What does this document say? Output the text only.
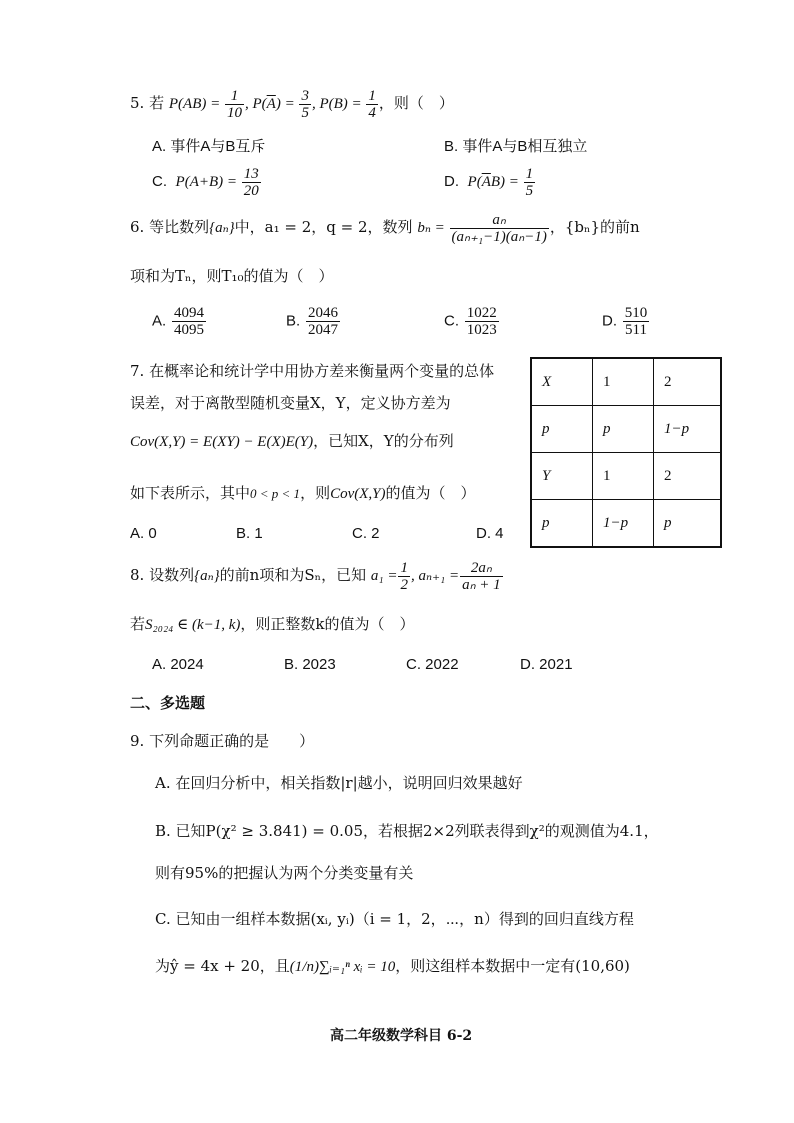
5. 若 $P(AB) = \frac{1}{10}$ , $P(\overline{A}) = \frac{3}{5}$ , $P(B) = \frac{1}{4}$ ，则（　）
A. 事件A与B互斥	B. 事件A与B相互独立
C.  $P(A+B) = \frac{13}{20}$	D.  $P(\overline{A}B) = \frac{1}{5}$
6. 等比数列{aₙ}中，a₁ = 2，q = 2，数列 $b_n = \frac{\text{aₙ}}{\text{(aₙ₊₁−1)(aₙ−1)}}$ ，{bₙ}的前n
项和为Tₙ，则T₁₀的值为（　）
A. $\frac{4094}{4095}$	B. $\frac{2046}{2047}$	C. $\frac{1022}{1023}$	D. $\frac{510}{511}$
7. 在概率论和统计学中用协方差来衡量两个变量的总体
误差，对于离散型随机变量X，Y，定义协方差为
Cov(X,Y) = E(XY) − E(X)E(Y)，已知X，Y的分布列
如下表所示，其中0 < p < 1，则Cov(X,Y)的值为（　）
X	1	2
p	p	1−p
Y	1	2
p	1−p	p
A. 0	B. 1	C. 2	D. 4
8. 设数列{aₙ}的前n项和为Sₙ，已知 $a_1 = \frac{1}{2}$ , $a_{n+1} = \frac{\text{2aₙ}}{\text{aₙ + 1}}$
若S₂₀₂₄ ∈ (k−1, k)，则正整数k的值为（　）
A. 2024	B. 2023	C. 2022	D. 2021
二、多选题
9. 下列命题正确的是　　）
A. 在回归分析中，相关指数|r|越小，说明回归效果越好
B. 已知P(χ² ≥ 3.841) = 0.05，若根据2×2列联表得到χ²的观测值为4.1，
则有95%的把握认为两个分类变量有关
C. 已知由一组样本数据(xᵢ, yᵢ)（i = 1，2，⋯，n）得到的回归直线方程
为ŷ = 4x + 20，且(1/n)∑ᵢ₌₁ⁿ xᵢ = 10，则这组样本数据中一定有(10,60)
高二年级数学科目 6-2
